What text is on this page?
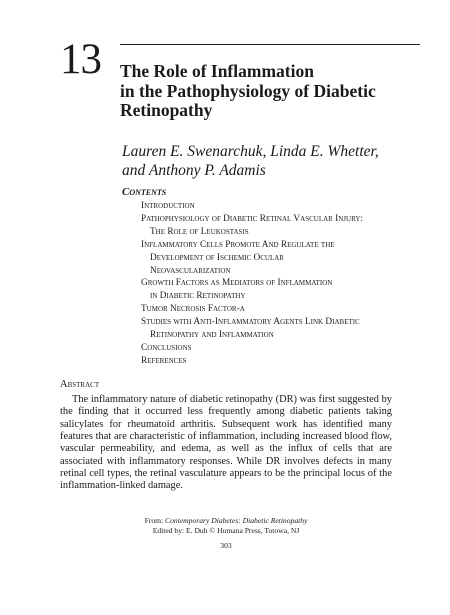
13 The Role of Inflammation
in the Pathophysiology of Diabetic
Retinopathy
Lauren E. Swenarchuk, Linda E. Whetter,
and Anthony P. Adamis
Contents
Introduction
Pathophysiology of Diabetic Retinal Vascular Injury:
The Role of Leukostasis
Inflammatory Cells Promote And Regulate the
Development of Ischemic Ocular
Neovascularization
Growth Factors as Mediators of Inflammation
in Diabetic Retinopathy
Tumor Necrosis Factor-α
Studies with Anti-Inflammatory Agents Link Diabetic
Retinopathy and Inflammation
Conclusions
References
Abstract

The inflammatory nature of diabetic retinopathy (DR) was first suggested by the finding that it occurred less frequently among diabetic patients taking salicylates for rheumatoid arthritis. Subsequent work has identified many features that are characteristic of inflammation, including increased blood flow, vascular permeability, and edema, as well as the influx of cells that are associated with inflammatory responses. While DR involves defects in many retinal cell types, the retinal vasculature appears to be the principal locus of the inflammation-linked damage.

From: Contemporary Diabetes: Diabetic Retinopathy
Edited by: E. Duh © Humana Press, Totowa, NJ
303
